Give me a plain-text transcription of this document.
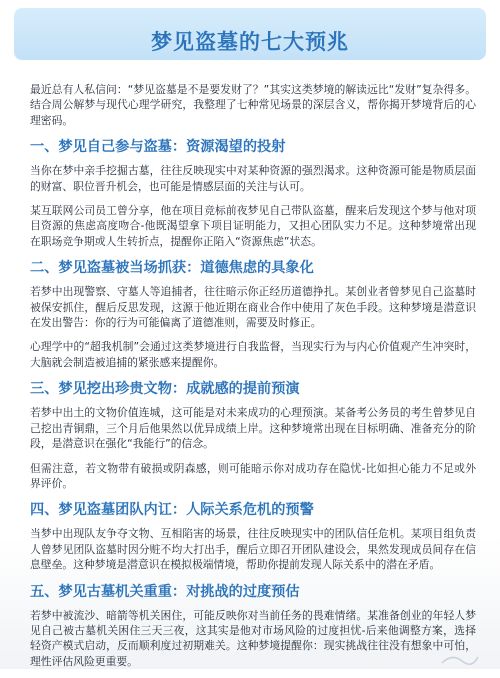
梦见盗墓的七大预兆

最近总有人私信问：“梦见盗墓是不是要发财了？”其实这类梦境的解读远比“发财”复杂得多。结合周公解梦与现代心理学研究，我整理了七种常见场景的深层含义，帮你揭开梦境背后的心理密码。

一、梦见自己参与盗墓：资源渴望的投射

当你在梦中亲手挖掘古墓，往往反映现实中对某种资源的强烈渴求。这种资源可能是物质层面的财富、职位晋升机会，也可能是情感层面的关注与认可。

某互联网公司员工曾分享，他在项目竞标前夜梦见自己带队盗墓，醒来后发现这个梦与他对项目资源的焦虑高度吻合-他既渴望拿下项目证明能力，又担心团队实力不足。这种梦境常出现在职场竞争期或人生转折点，提醒你正陷入“资源焦虑”状态。

二、梦见盗墓被当场抓获：道德焦虑的具象化

若梦中出现警察、守墓人等追捕者，往往暗示你正经历道德挣扎。某创业者曾梦见自己盗墓时被保安抓住，醒后反思发现，这源于他近期在商业合作中使用了灰色手段。这种梦境是潜意识在发出警告：你的行为可能偏离了道德准则，需要及时修正。

心理学中的“超我机制”会通过这类梦境进行自我监督，当现实行为与内心价值观产生冲突时，大脑就会制造被追捕的紧张感来提醒你。

三、梦见挖出珍贵文物：成就感的提前预演

若梦中出土的文物价值连城，这可能是对未来成功的心理预演。某备考公务员的考生曾梦见自己挖出青铜鼎，三个月后他果然以优异成绩上岸。这种梦境常出现在目标明确、准备充分的阶段，是潜意识在强化“我能行”的信念。

但需注意，若文物带有破损或阴森感，则可能暗示你对成功存在隐忧-比如担心能力不足或外界评价。

四、梦见盗墓团队内讧：人际关系危机的预警

当梦中出现队友争夺文物、互相陷害的场景，往往反映现实中的团队信任危机。某项目组负责人曾梦见团队盗墓时因分赃不均大打出手，醒后立即召开团队建设会，果然发现成员间存在信息壁垒。这种梦境是潜意识在模拟极端情境，帮助你提前发现人际关系中的潜在矛盾。

五、梦见古墓机关重重：对挑战的过度预估

若梦中被流沙、暗箭等机关困住，可能反映你对当前任务的畏难情绪。某准备创业的年轻人梦见自己被古墓机关困住三天三夜，这其实是他对市场风险的过度担忧-后来他调整方案，选择轻资产模式启动，反而顺利度过初期难关。这种梦境提醒你：现实挑战往往没有想象中可怕，理性评估风险更重要。
